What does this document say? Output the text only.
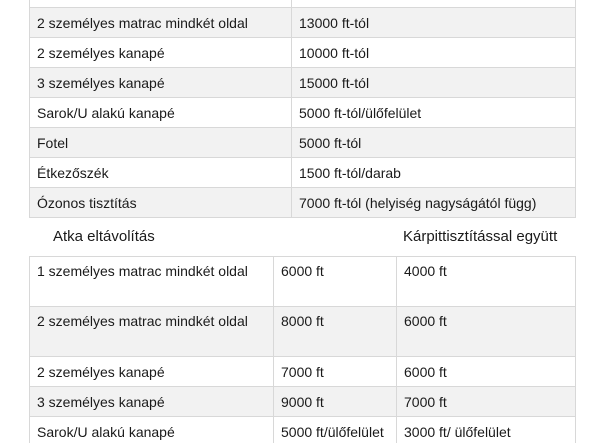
2 személyes matrac mindkét oldal	13000 ft-tól
2 személyes kanapé	10000 ft-tól
3 személyes kanapé	15000 ft-tól
Sarok/U alakú kanapé	5000 ft-tól/ülőfelület
Fotel	5000 ft-tól
Étkezőszék	1500 ft-tól/darab
Ózonos tisztítás	7000 ft-tól (helyiség nagyságától függ)
Atka eltávolítás	Kárpittisztítással együtt
1 személyes matrac mindkét oldal	6000 ft	4000 ft
2 személyes matrac mindkét oldal	8000 ft	6000 ft
2 személyes kanapé	7000 ft	6000 ft
3 személyes kanapé	9000 ft	7000 ft
Sarok/U alakú kanapé	5000 ft/ülőfelület	3000 ft/ ülőfelület
